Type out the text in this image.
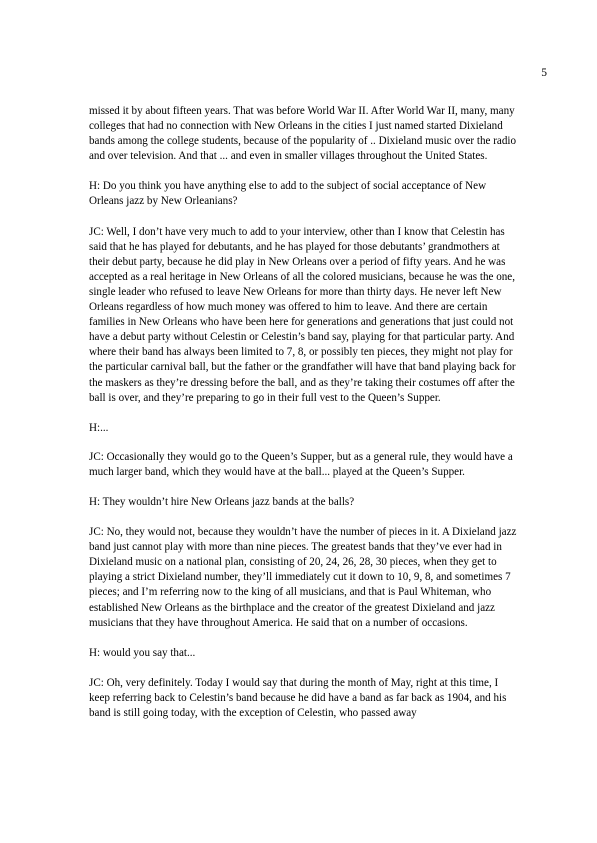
5

missed it by about fifteen years. That was before World War II. After World War II, many, many colleges that had no connection with New Orleans in the cities I just named started Dixieland bands among the college students, because of the popularity of .. Dixieland music over the radio and over television. And that ... and even in smaller villages throughout the United States.

H: Do you think you have anything else to add to the subject of social acceptance of New Orleans jazz by New Orleanians?

JC: Well, I don’t have very much to add to your interview, other than I know that Celestin has said that he has played for debutants, and he has played for those debutants’ grandmothers at their debut party, because he did play in New Orleans over a period of fifty years. And he was accepted as a real heritage in New Orleans of all the colored musicians, because he was the one, single leader who refused to leave New Orleans for more than thirty days. He never left New Orleans regardless of how much money was offered to him to leave. And there are certain families in New Orleans who have been here for generations and generations that just could not have a debut party without Celestin or Celestin’s band say, playing for that particular party. And where their band has always been limited to 7, 8, or possibly ten pieces, they might not play for the particular carnival ball, but the father or the grandfather will have that band playing back for the maskers as they’re dressing before the ball, and as they’re taking their costumes off after the ball is over, and they’re preparing to go in their full vest to the Queen’s Supper.

H:...

JC: Occasionally they would go to the Queen’s Supper, but as a general rule, they would have a much larger band, which they would have at the ball... played at the Queen’s Supper.

H: They wouldn’t hire New Orleans jazz bands at the balls?

JC: No, they would not, because they wouldn’t have the number of pieces in it. A Dixieland jazz band just cannot play with more than nine pieces. The greatest bands that they’ve ever had in Dixieland music on a national plan, consisting of 20, 24, 26, 28, 30 pieces, when they get to playing a strict Dixieland number, they’ll immediately cut it down to 10, 9, 8, and sometimes 7 pieces; and I’m referring now to the king of all musicians, and that is Paul Whiteman, who established New Orleans as the birthplace and the creator of the greatest Dixieland and jazz musicians that they have throughout America. He said that on a number of occasions.

H: would you say that...

JC: Oh, very definitely. Today I would say that during the month of May, right at this time, I keep referring back to Celestin’s band because he did have a band as far back as 1904, and his band is still going today, with the exception of Celestin, who passed away
